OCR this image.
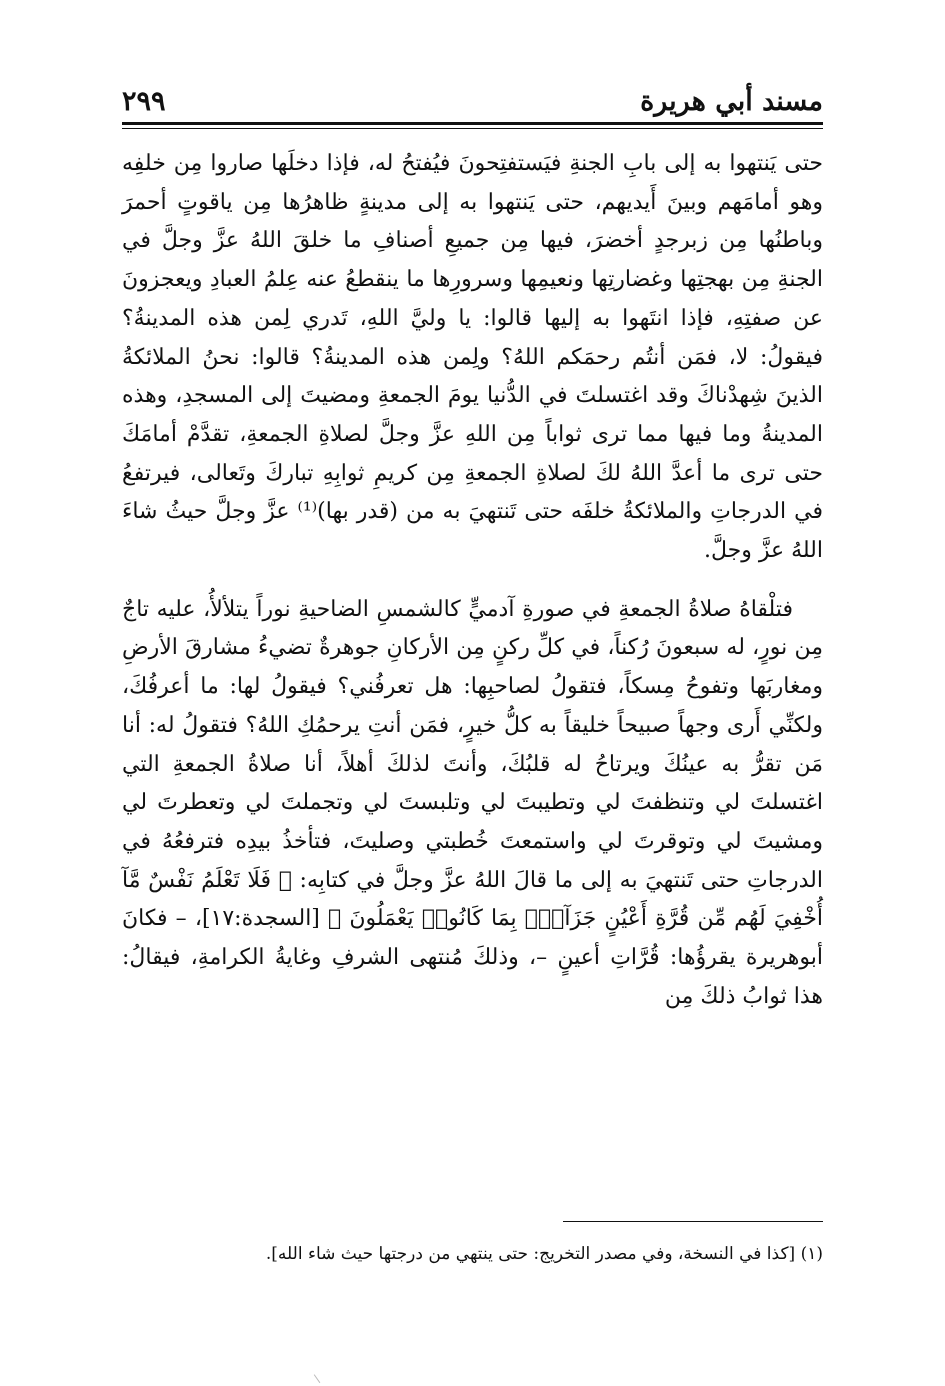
مسند أبي هريرة
٢٩٩

حتى يَنتهوا به إلى بابِ الجنةِ فيَستفتِحونَ فيُفتحُ له، فإذا دخلَها صاروا مِن خلفِه وهو أمامَهم وبينَ أَيديهم، حتى يَنتهوا به إلى مدينةٍ ظاهرُها مِن ياقوتٍ أحمرَ وباطنُها مِن زبرجدٍ أخضرَ، فيها مِن جميعِ أصنافِ ما خلقَ اللهُ عزَّ وجلَّ في الجنةِ مِن بهجتِها وغضارتِها ونعيمِها وسرورِها ما ينقطعُ عنه عِلمُ العبادِ ويعجزونَ عن صفتِهِ، فإذا انتَهوا به إليها قالوا: يا وليَّ اللهِ، تَدري لِمن هذه المدينةُ؟ فيقولُ: لا، فمَن أنتُم رحمَكم اللهُ؟ ولِمن هذه المدينةُ؟ قالوا: نحنُ الملائكةُ الذينَ شِهدْناكَ وقد اغتسلتَ في الدُّنيا يومَ الجمعةِ ومضيتَ إلى المسجدِ، وهذه المدينةُ وما فيها مما ترى ثواباً مِن اللهِ عزَّ وجلَّ لصلاةِ الجمعةِ، تقدَّمْ أمامَكَ حتى ترى ما أعدَّ اللهُ لكَ لصلاةِ الجمعةِ مِن كريمِ ثوابِهِ تباركَ وتَعالى، فيرتفعُ في الدرجاتِ والملائكةُ خلفَه حتى تَنتهيَ به من (قدر بها)⁽¹⁾ عزَّ وجلَّ حيثُ شاءَ اللهُ عزَّ وجلَّ.

فتلْقاهُ صلاةُ الجمعةِ في صورةِ آدميٍّ كالشمسِ الضاحيةِ نوراً يتلألأُ، عليه تاجٌ مِن نورٍ، له سبعونَ رُكناً، في كلِّ ركنٍ مِن الأركانِ جوهرةٌ تضيءُ مشارقَ الأرضِ ومغاربَها وتفوحُ مِسكاً، فتقولُ لصاحبِها: هل تعرفُني؟ فيقولُ لها: ما أعرفُكَ، ولكنِّي أَرى وجهاً صبيحاً خليقاً به كلُّ خيرٍ، فمَن أنتِ يرحمُكِ اللهُ؟ فتقولُ له: أنا مَن تقرُّ به عينُكَ ويرتاحُ له قلبُكَ، وأنتَ لذلكَ أهلاً، أنا صلاةُ الجمعةِ التي اغتسلتَ لي وتنظفتَ لي وتطيبتَ لي وتلبستَ لي وتجملتَ لي وتعطرتَ لي ومشيتَ لي وتوقرتَ لي واستمعتَ خُطبتي وصليتَ، فتأخذُ بيدِه فترفعُهُ في الدرجاتِ حتى تَنتهيَ به إلى ما قالَ اللهُ عزَّ وجلَّ في كتابِه: ﴿ فَلَا تَعْلَمُ نَفْسٌ مَّآ أُخْفِيَ لَهُم مِّن قُرَّةِ أَعْيُنٍ جَزَآءًۢ بِمَا كَانُوا۟ يَعْمَلُونَ ﴾ [السجدة:١٧]، – فكانَ أبوهريرة يقرؤُها: قُرَّاتِ أعينٍ –، وذلكَ مُنتهى الشرفِ وغايةُ الكرامةِ، فيقالُ: هذا ثوابُ ذلكَ مِن

(١) [كذا في النسخة، وفي مصدر التخريج: حتى ينتهي من درجتها حيث شاء الله].
